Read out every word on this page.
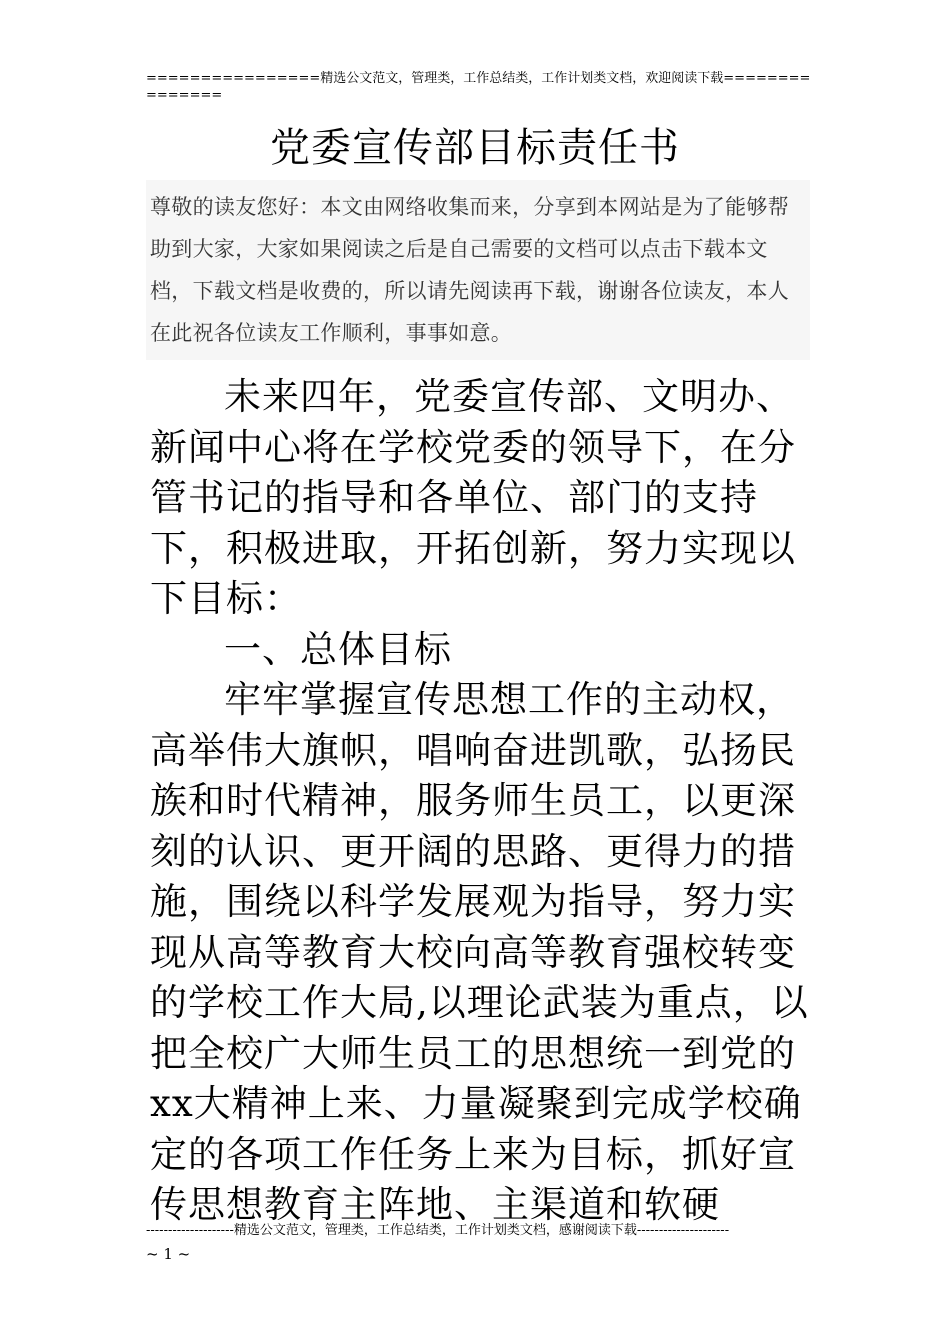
================精选公文范文，管理类，工作总结类，工作计划类文档，欢迎阅读下载===============
党委宣传部目标责任书
尊敬的读友您好：本文由网络收集而来，分享到本网站是为了能够帮助到大家，大家如果阅读之后是自己需要的文档可以点击下载本文档，下载文档是收费的，所以请先阅读再下载，谢谢各位读友，本人在此祝各位读友工作顺利，事事如意。

未来四年，党委宣传部、文明办、新闻中心将在学校党委的领导下，在分管书记的指导和各单位、部门的支持下，积极进取，开拓创新，努力实现以下目标：

一、总体目标

牢牢掌握宣传思想工作的主动权，高举伟大旗帜，唱响奋进凯歌，弘扬民族和时代精神，服务师生员工，以更深刻的认识、更开阔的思路、更得力的措施，围绕以科学发展观为指导，努力实现从高等教育大校向高等教育强校转变的学校工作大局,以理论武装为重点，以把全校广大师生员工的思想统一到党的xx大精神上来、力量凝聚到完成学校确定的各项工作任务上来为目标，抓好宣传思想教育主阵地、主渠道和软硬

--------------------精选公文范文，管理类，工作总结类，工作计划类文档，感谢阅读下载---------------------
~ 1 ~
